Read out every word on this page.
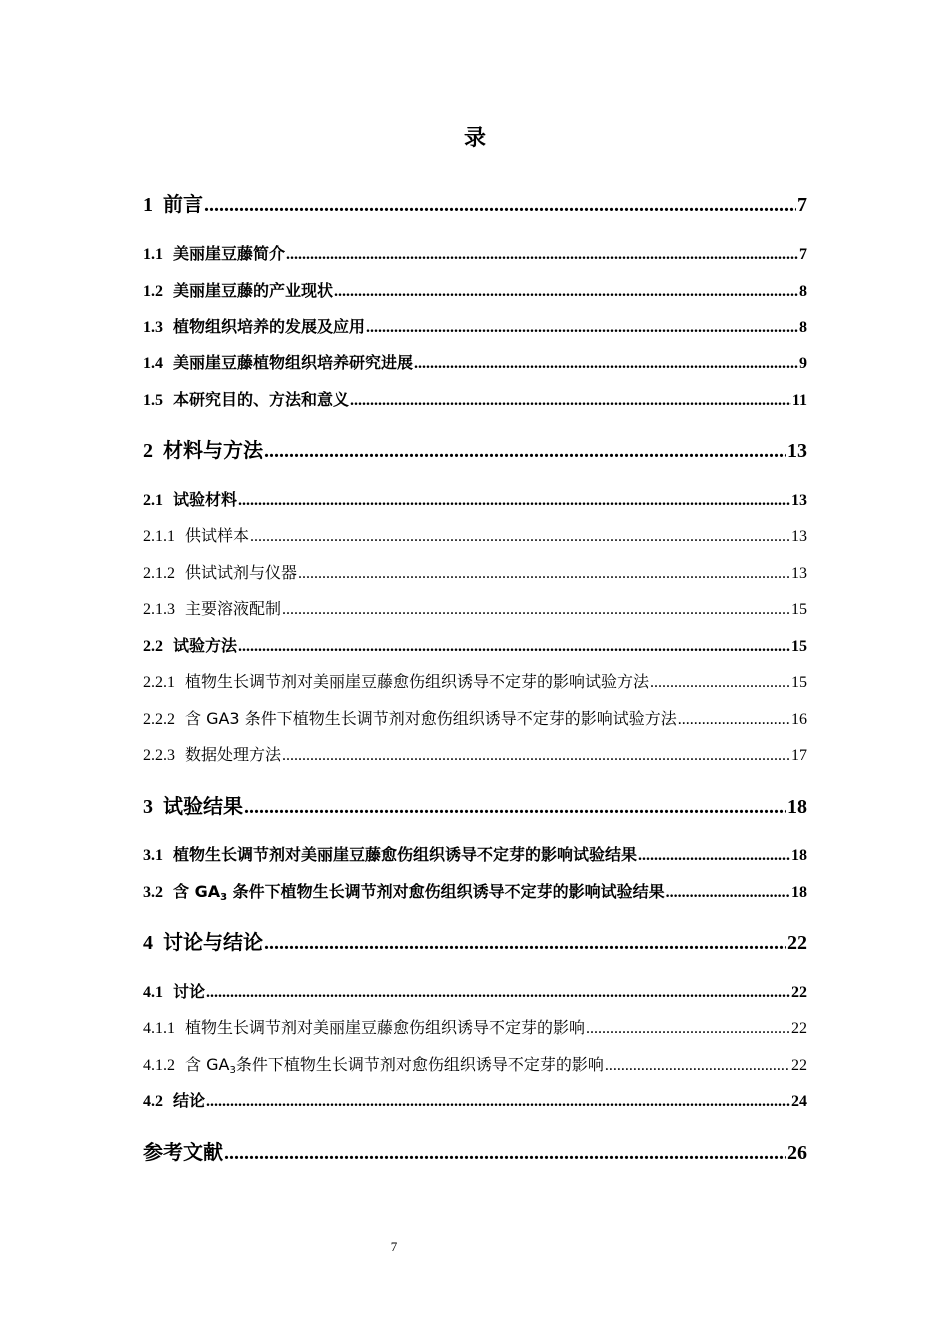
录
1 前言 .....	7
1.1 美丽崖豆藤简介 .....	7
1.2 美丽崖豆藤的产业现状 .....	8
1.3 植物组织培养的发展及应用 .....	8
1.4 美丽崖豆藤植物组织培养研究进展 .....	9
1.5 本研究目的、方法和意义 .....	11
2 材料与方法 .....	13
2.1 试验材料 .....	13
2.1.1 供试样本 .....	13
2.1.2 供试试剂与仪器 .....	13
2.1.3 主要溶液配制 .....	15
2.2 试验方法 .....	15
2.2.1 植物生长调节剂对美丽崖豆藤愈伤组织诱导不定芽的影响试验方法 .....	15
2.2.2 含 GA3 条件下植物生长调节剂对愈伤组织诱导不定芽的影响试验方法 .....	16
2.2.3 数据处理方法 .....	17
3 试验结果 .....	18
3.1 植物生长调节剂对美丽崖豆藤愈伤组织诱导不定芽的影响试验结果 .....	18
3.2 含 $GA_3$ 条件下植物生长调节剂对愈伤组织诱导不定芽的影响试验结果 .....	18
4 讨论与结论 .....	22
4.1 讨论 .....	22
4.1.1 植物生长调节剂对美丽崖豆藤愈伤组织诱导不定芽的影响 .....	22
4.1.2 含 $GA_3$条件下植物生长调节剂对愈伤组织诱导不定芽的影响 .....	22
4.2 结论 .....	24
参考文献 .....	26
7
